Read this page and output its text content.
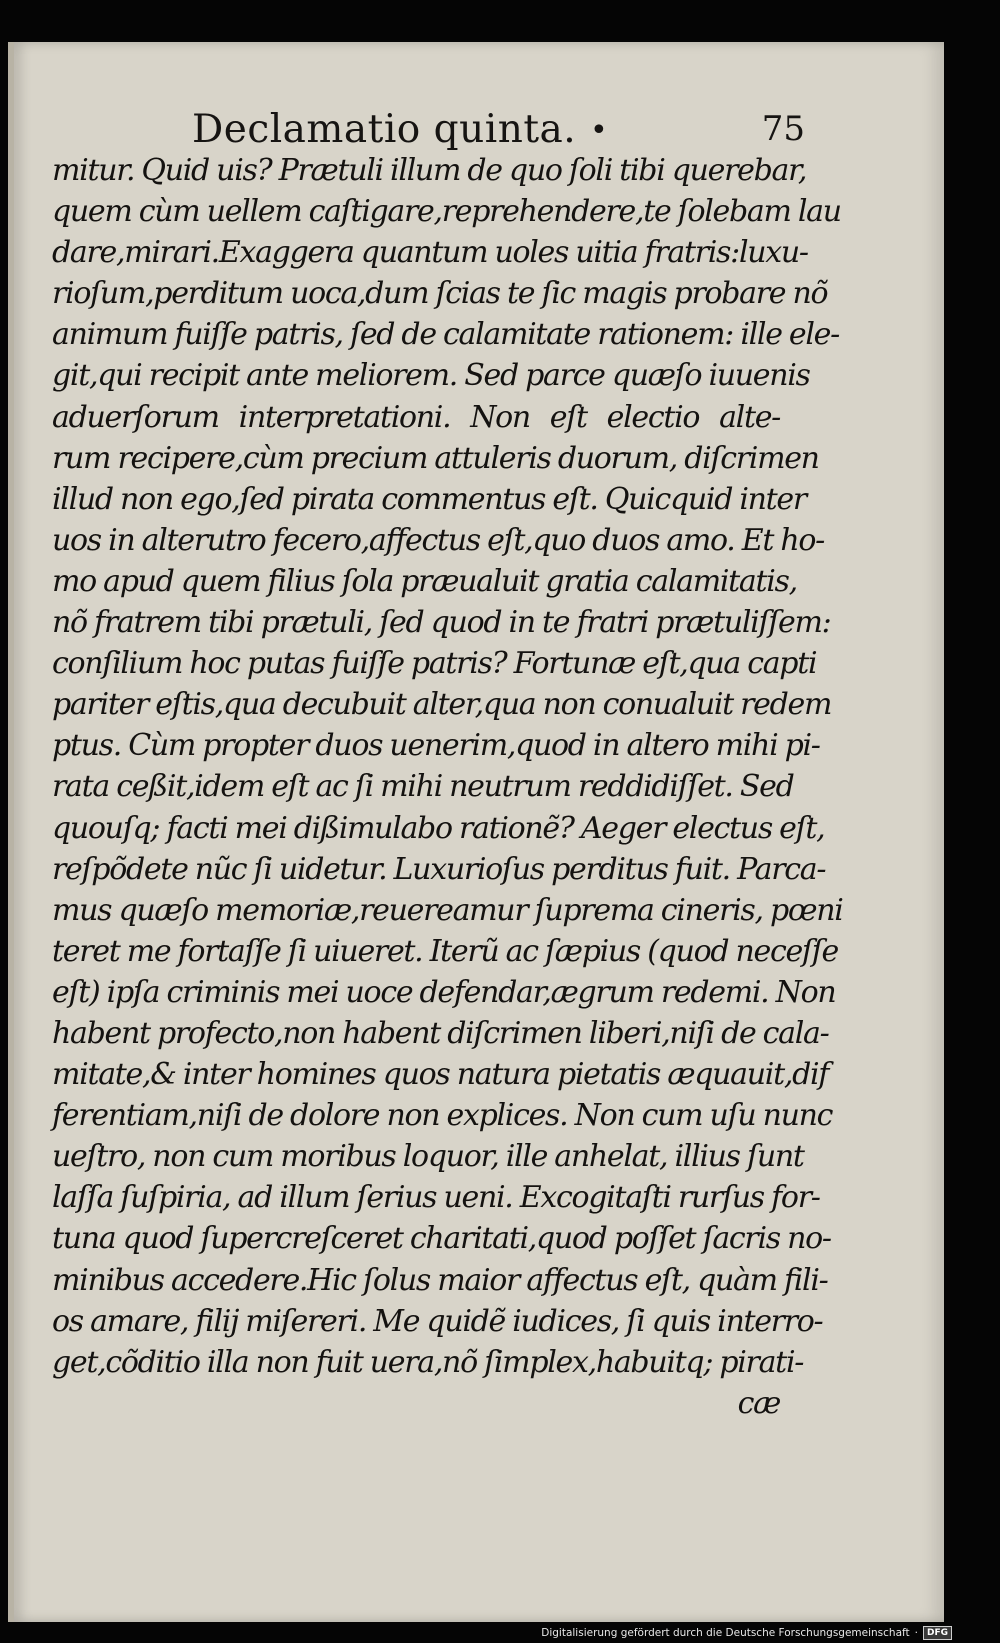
Declamatio quinta. •	75
mitur. Quid uis? Prætuli illum de quo ſoli tibi querebar,
quem cùm uellem caſtigare,reprehendere,te ſolebam lau
dare,mirari.Exaggera quantum uoles uitia fratris:luxu-
rioſum,perditum uoca,dum ſcias te ſic magis probare nõ
animum fuiſſe patris, ſed de calamitate rationem: ille ele-
git,qui recipit ante meliorem. Sed parce quæſo iuuenis
aduerſorum interpretationi. Non eſt electio alte-
rum recipere,cùm precium attuleris duorum, diſcrimen
illud non ego,ſed pirata commentus eſt. Quicquid inter
uos in alterutro fecero,affectus eſt,quo duos amo. Et ho-
mo apud quem filius ſola præualuit gratia calamitatis,
nõ fratrem tibi prætuli, ſed quod in te fratri prætuliſſem:
conſilium hoc putas fuiſſe patris? Fortunæ eſt,qua capti
pariter eſtis,qua decubuit alter,qua non conualuit redem
ptus. Cùm propter duos uenerim,quod in altero mihi pi-
rata ceßit,idem eſt ac ſi mihi neutrum reddidiſſet. Sed
quouſq; facti mei dißimulabo rationẽ? Aeger electus eſt,
reſpõdete nũc ſi uidetur. Luxurioſus perditus fuit. Parca-
mus quæſo memoriæ,reuereamur ſuprema cineris, pœni
teret me fortaſſe ſi uiueret. Iterũ ac ſæpius (quod neceſſe
eſt) ipſa criminis mei uoce defendar,ægrum redemi. Non
habent profecto,non habent diſcrimen liberi,niſi de cala-
mitate,& inter homines quos natura pietatis æquauit,dif
ferentiam,niſi de dolore non explices. Non cum uſu nunc
ueſtro, non cum moribus loquor, ille anhelat, illius ſunt
laſſa ſuſpiria, ad illum ſerius ueni. Excogitaſti rurſus for-
tuna quod ſupercreſceret charitati,quod poſſet ſacris no-
minibus accedere.Hic ſolus maior affectus eſt, quàm fili-
os amare, filij miſereri. Me quidẽ iudices, ſi quis interro-
get,cõditio illa non fuit uera,nõ ſimplex,habuitq; pirati-
cæ
Digitalisierung gefördert durch die Deutsche Forschungsgemeinschaft ·	DFG
